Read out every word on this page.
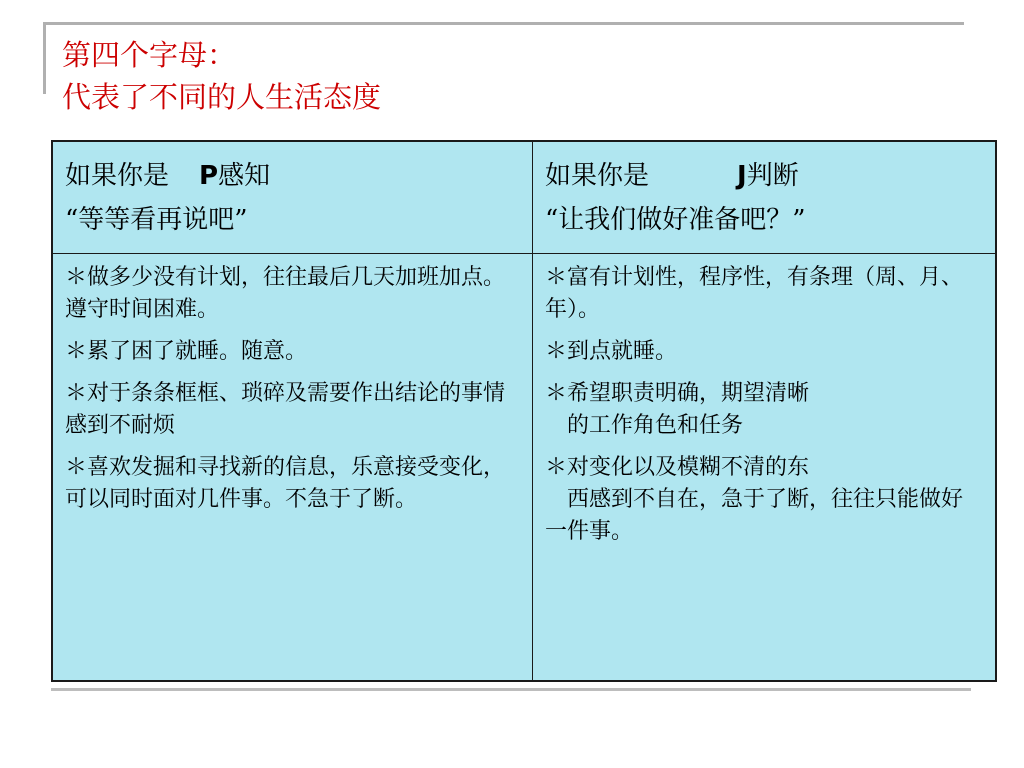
第四个字母：
代表了不同的人生活态度
如果你是 P感知
“等等看再说吧”
如果你是	J判断
“让我们做好准备吧？”

＊做多少没有计划，往往最后几天加班加点。遵守时间困难。

＊累了困了就睡。随意。

＊对于条条框框、琐碎及需要作出结论的事情感到不耐烦

＊喜欢发掘和寻找新的信息，乐意接受变化，可以同时面对几件事。不急于了断。

＊富有计划性，程序性，有条理（周、月、年）。

＊到点就睡。

＊希望职责明确，期望清晰

的工作角色和任务

＊对变化以及模糊不清的东

西感到不自在，急于了断，往往只能做好一件事。
